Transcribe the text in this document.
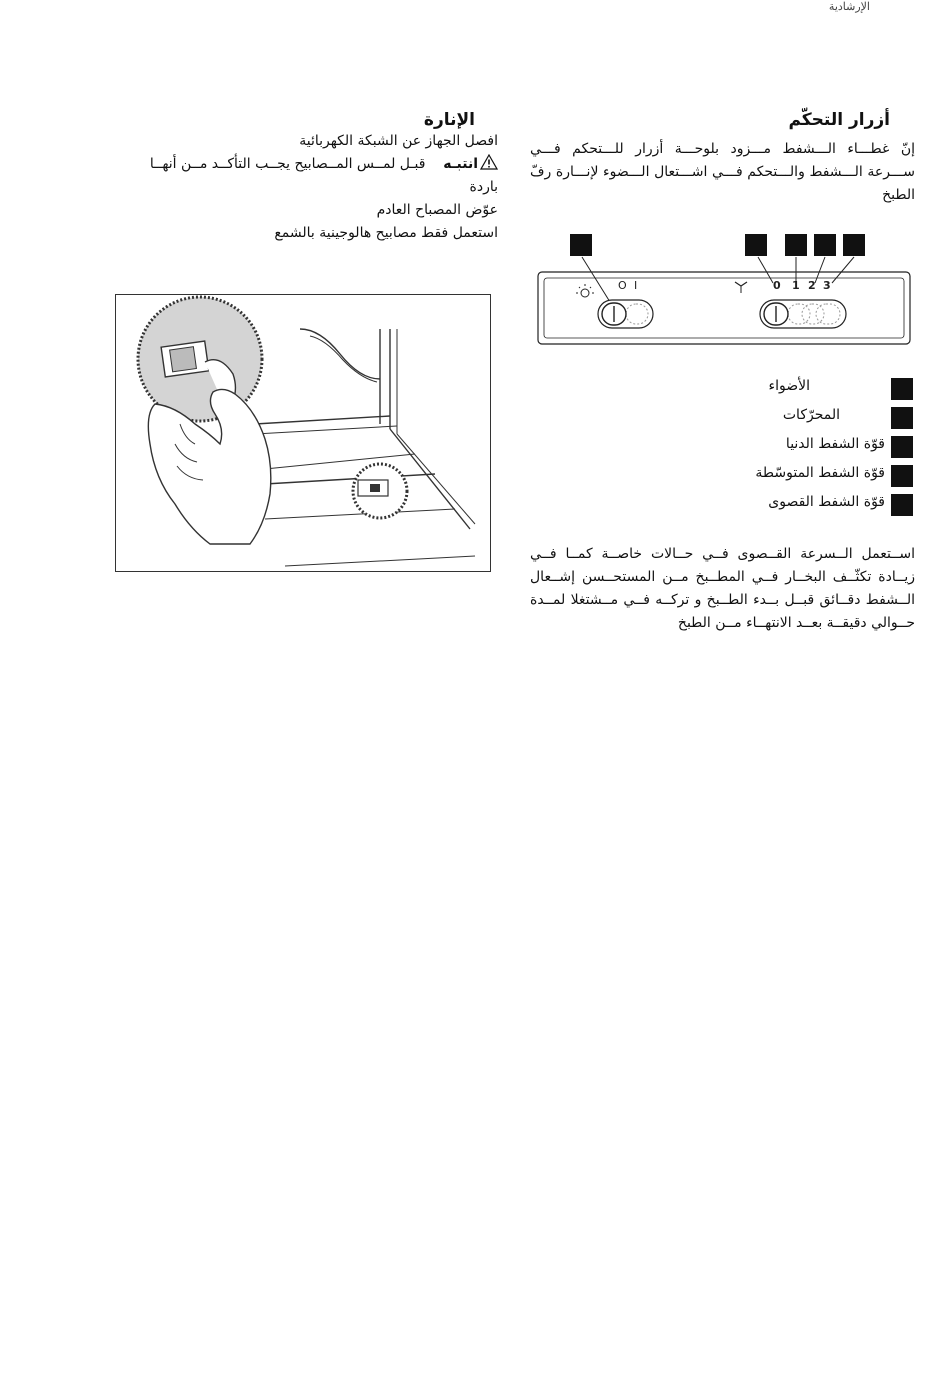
الإرشادية
أزرار التحكّم
إنّ غطـــاء الـــشفط مـــزود بلوحـــة أزرار للـــتحكم فـــي ســـرعة الـــشفط والـــتحكم فـــي اشـــتعال الـــضوء لإنـــارة رفّ الطبخ
O I	0 1 2 3
الأضواء
المحرّكات
قوّة الشفط الدنيا
قوّة الشفط المتوسّطة
قوّة الشفط القصوى
اســتعمل الــسرعة القــصوى فــي حــالات خاصــة كمــا فــي زيــادة تكثّــف البخــار فــي المطــبخ مــن المستحــسن إشــعال الــشفط دقــائق قبــل بــدء الطــبخ و تركــه فــي مــشتغلا لمــدة حــوالي دقيقــة بعــد الانتهــاء مــن الطبخ
الإنارة
افصل الجهاز عن الشبكة الكهربائية
انتبـه    قبـل لمــس المــصابيح يجــب التأكــد مــن أنهــا
باردة
عوّض المصباح العادم
استعمل فقط مصابيح هالوجينية بالشمع
